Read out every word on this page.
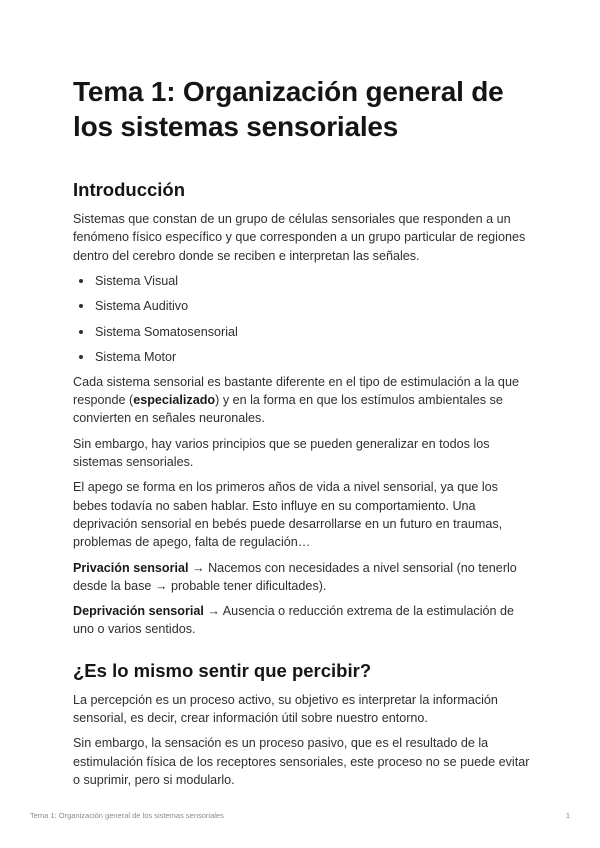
Tema 1: Organización general de los sistemas sensoriales
Introducción

Sistemas que constan de un grupo de células sensoriales que responden a un fenómeno físico específico y que corresponden a un grupo particular de regiones dentro del cerebro donde se reciben e interpretan las señales.

Sistema Visual
Sistema Auditivo
Sistema Somatosensorial
Sistema Motor

Cada sistema sensorial es bastante diferente en el tipo de estimulación a la que responde (especializado) y en la forma en que los estímulos ambientales se convierten en señales neuronales.

Sin embargo, hay varios principios que se pueden generalizar en todos los sistemas sensoriales.

El apego se forma en los primeros años de vida a nivel sensorial, ya que los bebes todavía no saben hablar. Esto influye en su comportamiento. Una deprivación sensorial en bebés puede desarrollarse en un futuro en traumas, problemas de apego, falta de regulación…

Privación sensorial → Nacemos con necesidades a nivel sensorial (no tenerlo desde la base → probable tener dificultades).

Deprivación sensorial → Ausencia o reducción extrema de la estimulación de uno o varios sentidos.

¿Es lo mismo sentir que percibir?

La percepción es un proceso activo, su objetivo es interpretar la información sensorial, es decir, crear información útil sobre nuestro entorno.

Sin embargo, la sensación es un proceso pasivo, que es el resultado de la estimulación física de los receptores sensoriales, este proceso no se puede evitar o suprimir, pero si modularlo.

Tema 1: Organización general de los sistemas sensoriales	1
